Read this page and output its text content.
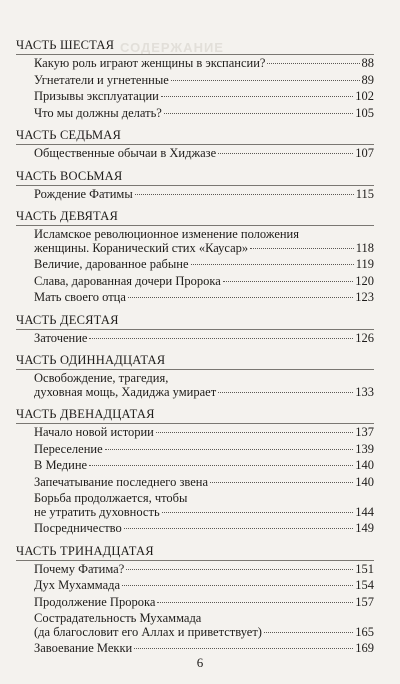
СОДЕРЖАНИЕ
ЧАСТЬ ШЕСТАЯ
Какую роль играют женщины в экспансии?	88
Угнетатели и угнетенные	89
Призывы эксплуатации	102
Что мы должны делать?	105
ЧАСТЬ СЕДЬМАЯ
Общественные обычаи в Хиджазе	107
ЧАСТЬ ВОСЬМАЯ
Рождение Фатимы	115
ЧАСТЬ ДЕВЯТАЯ
Исламское революционное изменение положения
женщины. Коранический стих «Каусар»	118
Величие, дарованное рабыне	119
Слава, дарованная дочери Пророка	120
Мать своего отца	123
ЧАСТЬ ДЕСЯТАЯ
Заточение	126
ЧАСТЬ ОДИННАДЦАТАЯ
Освобождение, трагедия,
духовная мощь, Хадиджа умирает	133
ЧАСТЬ ДВЕНАДЦАТАЯ
Начало новой истории	137
Переселение	139
В Медине	140
Запечатывание последнего звена	140
Борьба продолжается, чтобы
не утратить духовность	144
Посредничество	149
ЧАСТЬ ТРИНАДЦАТАЯ
Почему Фатима?	151
Дух Мухаммада	154
Продолжение Пророка	157
Сострадательность Мухаммада
(да благословит его Аллах и приветствует)	165
Завоевание Мекки	169
6
